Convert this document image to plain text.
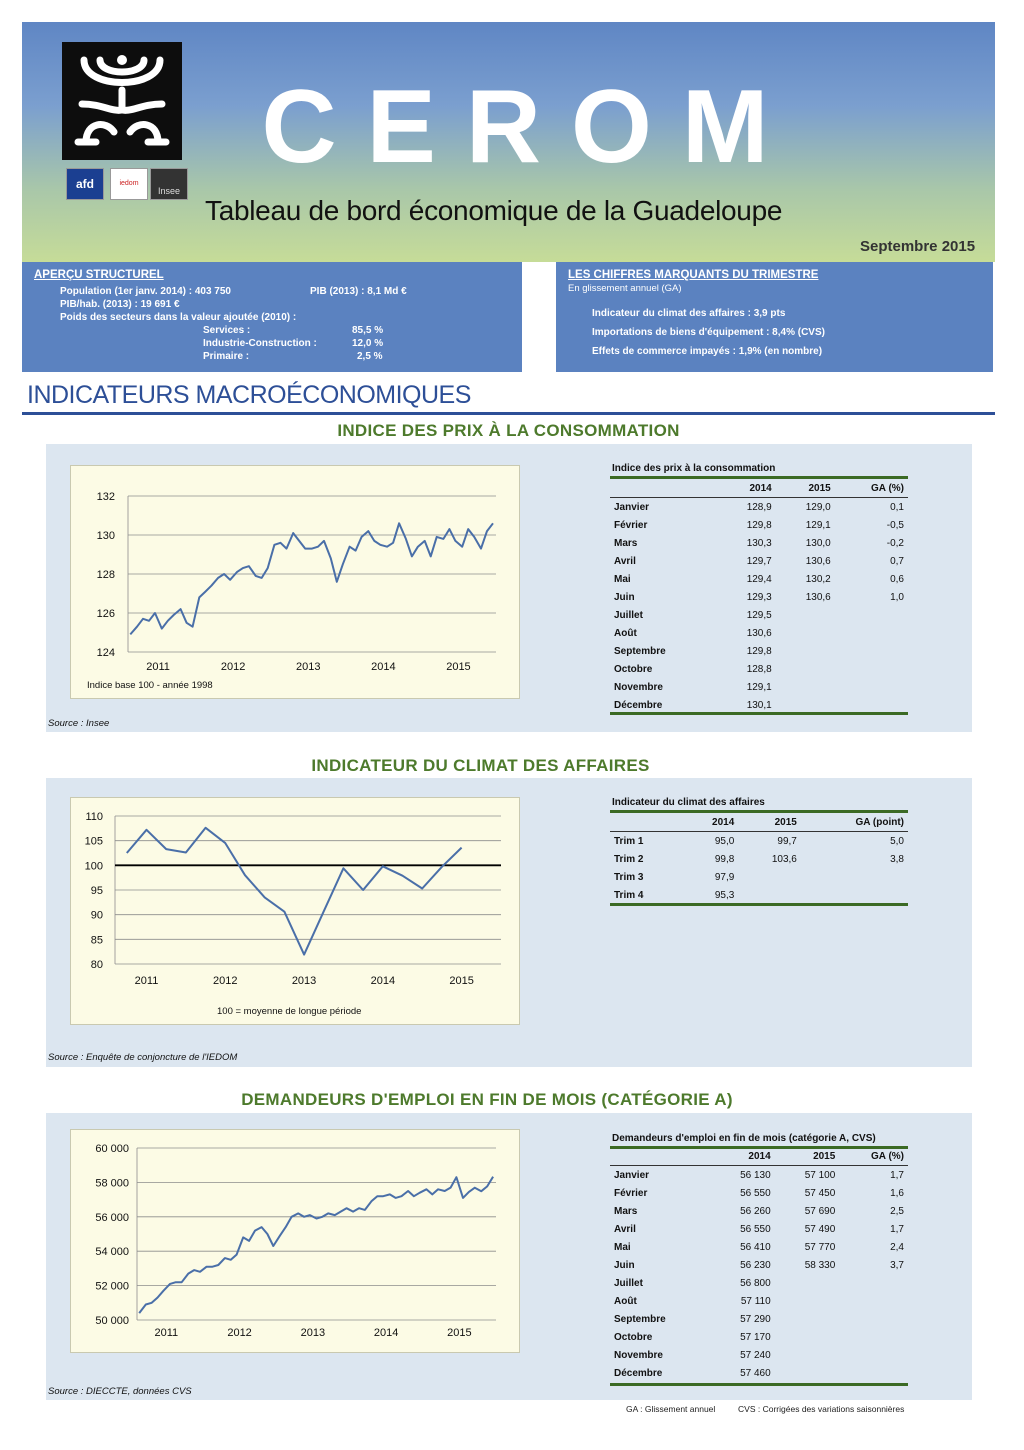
afd	iedom
Insee
CEROM
Tableau de bord économique de la Guadeloupe
Septembre 2015
APERÇU STRUCTUREL
Population (1er janv. 2014) : 403 750	PIB (2013) : 8,1 Md €
PIB/hab. (2013) : 19 691 €
Poids des secteurs dans la valeur ajoutée (2010) :
Services :	85,5 %
Industrie-Construction :	12,0 %
Primaire :	2,5 %
LES CHIFFRES MARQUANTS DU TRIMESTRE
En glissement annuel (GA)
Indicateur du climat des affaires : 3,9 pts
Importations de biens d'équipement : 8,4% (CVS)
Effets de commerce impayés : 1,9% (en nombre)
INDICATEURS MACROÉCONOMIQUES
INDICE DES PRIX À LA CONSOMMATION
124
126
128
130
132
2011	2012	2013	2014	2015
Indice base 100 - année 1998
Source : Insee
Indice des prix à la consommation
	2014	2015	GA (%)
Janvier	128,9	129,0	0,1
Février	129,8	129,1	-0,5
Mars	130,3	130,0	-0,2
Avril	129,7	130,6	0,7
Mai	129,4	130,2	0,6
Juin	129,3	130,6	1,0
Juillet	129,5		
Août	130,6		
Septembre	129,8		
Octobre	128,8		
Novembre	129,1		
Décembre	130,1		
INDICATEUR DU CLIMAT DES AFFAIRES
80
85
90
95
100
105
110
2011	2012	2013	2014	2015
100 = moyenne de longue période
Source : Enquête de conjoncture de l'IEDOM
Indicateur du climat des affaires
	2014	2015	GA (point)
Trim 1	95,0	99,7	5,0
Trim 2	99,8	103,6	3,8
Trim 3	97,9		
Trim 4	95,3		
DEMANDEURS D'EMPLOI EN FIN DE MOIS (CATÉGORIE A)
50 000
52 000
54 000
56 000
58 000
60 000
2011	2012	2013	2014	2015
Source : DIECCTE, données CVS
Demandeurs d'emploi en fin de mois (catégorie A, CVS)
	2014	2015	GA (%)
Janvier	56 130	57 100	1,7
Février	56 550	57 450	1,6
Mars	56 260	57 690	2,5
Avril	56 550	57 490	1,7
Mai	56 410	57 770	2,4
Juin	56 230	58 330	3,7
Juillet	56 800		
Août	57 110		
Septembre	57 290		
Octobre	57 170		
Novembre	57 240		
Décembre	57 460		
GA : Glissement annuel	CVS : Corrigées des variations saisonnières
